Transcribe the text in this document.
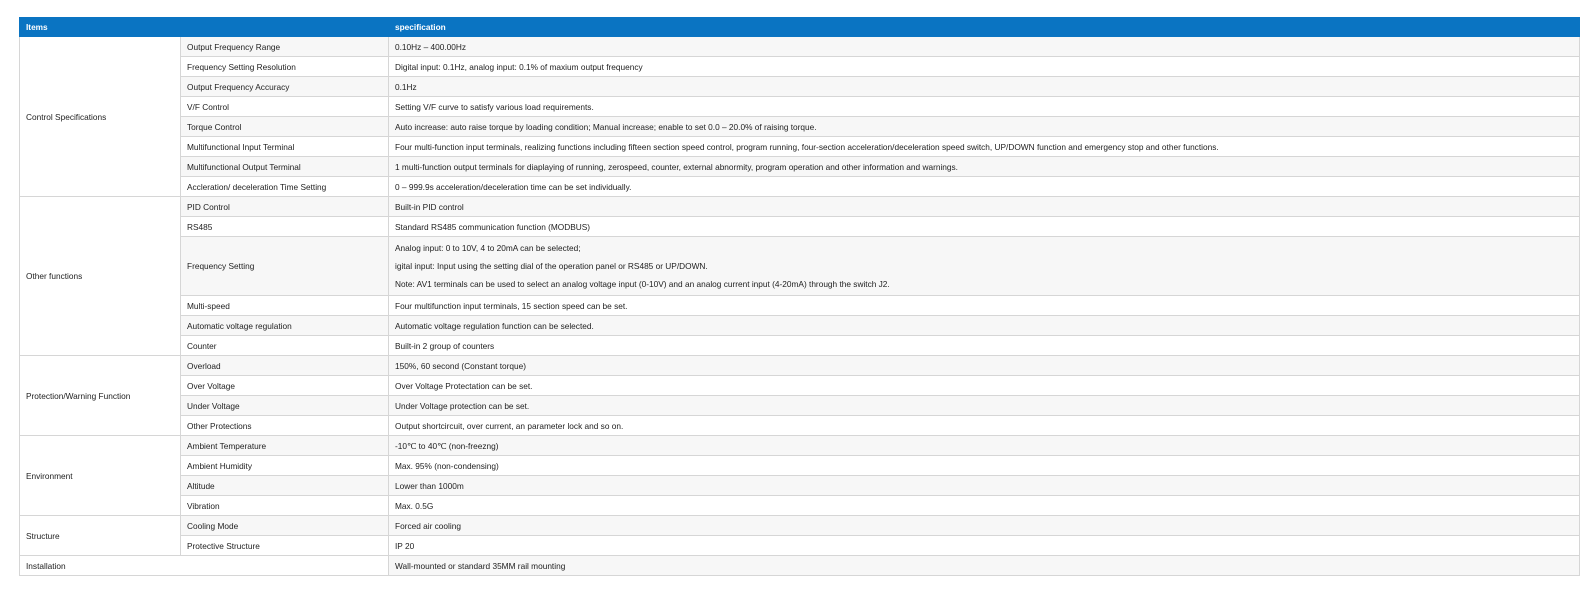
Items		specification
Control Specifications	Output Frequency Range	0.10Hz – 400.00Hz
	Frequency Setting Resolution	Digital input: 0.1Hz, analog input: 0.1% of maxium output frequency
	Output Frequency Accuracy	0.1Hz
	V/F Control	Setting V/F curve to satisfy various load requirements.
	Torque Control	Auto increase: auto raise torque by loading condition; Manual increase; enable to set 0.0 – 20.0% of raising torque.
	Multifunctional Input Terminal	Four multi-function input terminals, realizing functions including fifteen section speed control, program running, four-section acceleration/deceleration speed switch, UP/DOWN function and emergency stop and other functions.
	Multifunctional Output Terminal	1 multi-function output terminals for diaplaying of running, zerospeed, counter, external abnormity, program operation and other information and warnings.
	Accleration/ deceleration Time Setting	0 – 999.9s acceleration/deceleration time can be set individually.
Other functions	PID Control	Built-in PID control
	RS485	Standard RS485 communication function (MODBUS)
	Frequency Setting	Analog input: 0 to 10V, 4 to 20mA can be selected;
igital input: Input using the setting dial of the operation panel or RS485 or UP/DOWN.
Note: AV1 terminals can be used to select an analog voltage input (0-10V) and an analog current input (4-20mA) through the switch J2.

	Multi-speed	Four multifunction input terminals, 15 section speed can be set.
	Automatic voltage regulation	Automatic voltage regulation function can be selected.
	Counter	Built-in 2 group of counters
Protection/Warning Function	Overload	150%, 60 second (Constant torque)
	Over Voltage	Over Voltage Protectation can be set.
	Under Voltage	Under Voltage protection can be set.
	Other Protections	Output shortcircuit, over current, an parameter lock and so on.
Environment	Ambient Temperature	-10℃ to 40℃ (non-freezng)
	Ambient Humidity	Max. 95% (non-condensing)
	Altitude	Lower than 1000m
	Vibration	Max. 0.5G
Structure	Cooling Mode	Forced air cooling
	Protective Structure	IP 20
Installation		Wall-mounted or standard 35MM rail mounting
